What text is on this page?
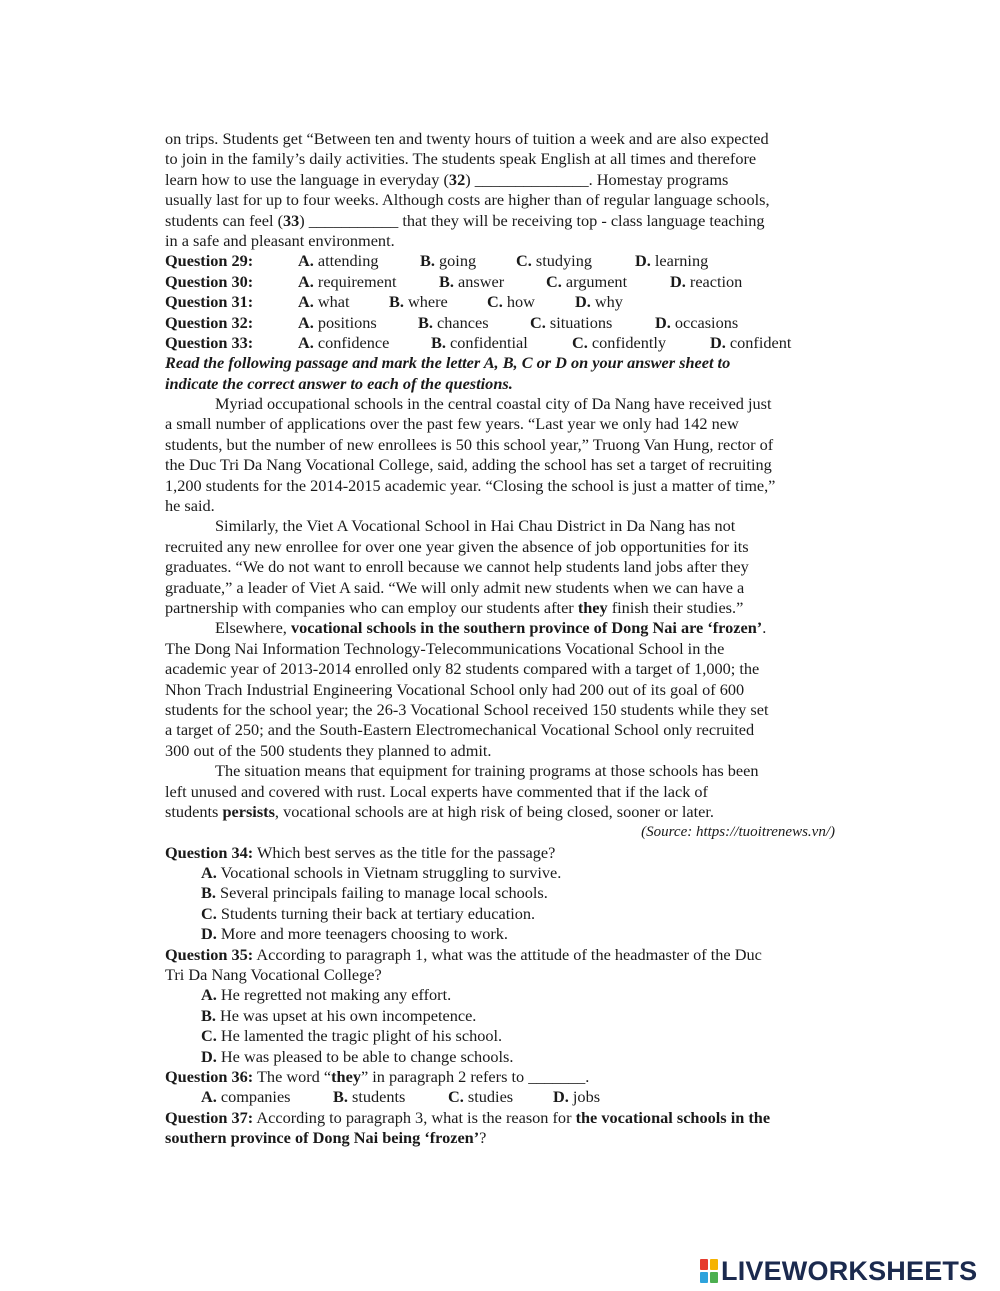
on trips. Students get “Between ten and twenty hours of tuition a week and are also expected
to join in the family’s daily activities. The students speak English at all times and therefore
learn how to use the language in everyday (32) ______________. Homestay programs
usually last for up to four weeks. Although costs are higher than of regular language schools,
students can feel (33) ___________ that they will be receiving top - class language teaching
in a safe and pleasant environment.
Question 29:	A. attending	B. going C. studying	D. learning
Question 30:	A. requirement	B. answer	C. argument	D. reaction
Question 31:	A. what B. where C. how D. why
Question 32:	A. positions	B. chances	C. situations	D. occasions
Question 33:	A. confidence	B. confidential	C. confidently	D. confident
Read the following passage and mark the letter A, B, C or D on your answer sheet to
indicate the correct answer to each of the questions.
Myriad occupational schools in the central coastal city of Da Nang have received just
a small number of applications over the past few years. “Last year we only had 142 new
students, but the number of new enrollees is 50 this school year,” Truong Van Hung, rector of
the Duc Tri Da Nang Vocational College, said, adding the school has set a target of recruiting
1,200 students for the 2014-2015 academic year. “Closing the school is just a matter of time,”
he said.
Similarly, the Viet A Vocational School in Hai Chau District in Da Nang has not
recruited any new enrollee for over one year given the absence of job opportunities for its
graduates. “We do not want to enroll because we cannot help students land jobs after they
graduate,” a leader of Viet A said. “We will only admit new students when we can have a
partnership with companies who can employ our students after they finish their studies.”
Elsewhere, vocational schools in the southern province of Dong Nai are ‘frozen’.
The Dong Nai Information Technology-Telecommunications Vocational School in the
academic year of 2013-2014 enrolled only 82 students compared with a target of 1,000; the
Nhon Trach Industrial Engineering Vocational School only had 200 out of its goal of 600
students for the school year; the 26-3 Vocational School received 150 students while they set
a target of 250; and the South-Eastern Electromechanical Vocational School only recruited
300 out of the 500 students they planned to admit.
The situation means that equipment for training programs at those schools has been
left unused and covered with rust. Local experts have commented that if the lack of
students persists, vocational schools are at high risk of being closed, sooner or later.
(Source: https://tuoitrenews.vn/)
Question 34: Which best serves as the title for the passage?
A. Vocational schools in Vietnam struggling to survive.
B. Several principals failing to manage local schools.
C. Students turning their back at tertiary education.
D. More and more teenagers choosing to work.
Question 35: According to paragraph 1, what was the attitude of the headmaster of the Duc
Tri Da Nang Vocational College?
A. He regretted not making any effort.
B. He was upset at his own incompetence.
C. He lamented the tragic plight of his school.
D. He was pleased to be able to change schools.
Question 36: The word “they” in paragraph 2 refers to _______.
A. companies	B. students	C. studies D. jobs
Question 37: According to paragraph 3, what is the reason for the vocational schools in the
southern province of Dong Nai being ‘frozen’?
LIVEWORKSHEETS
